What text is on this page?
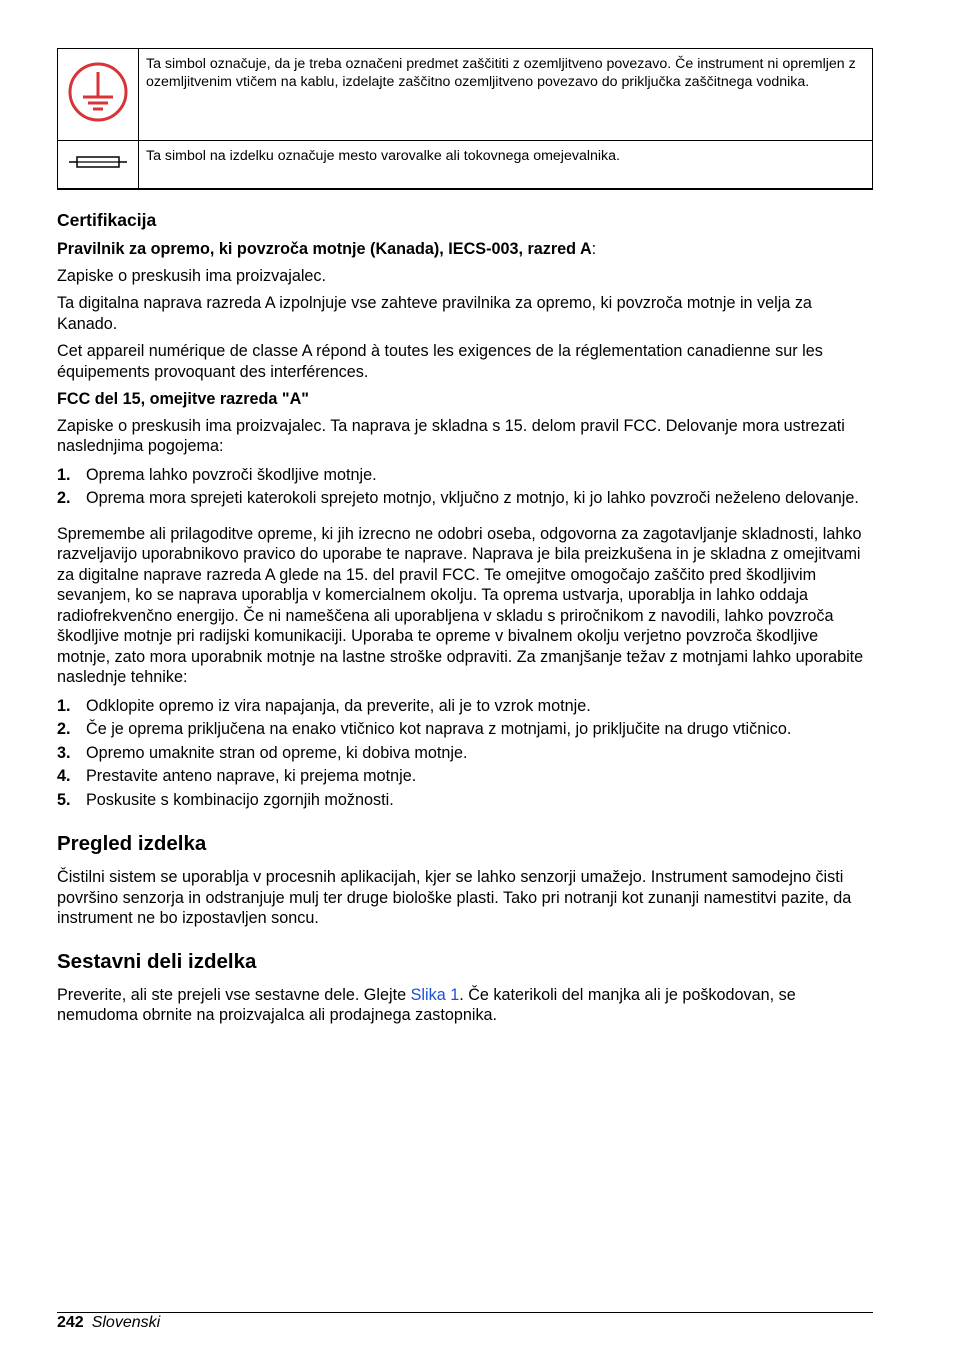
	Ta simbol označuje, da je treba označeni predmet zaščititi z ozemljitveno povezavo. Če instrument ni opremljen z ozemljitvenim vtičem na kablu, izdelajte zaščitno ozemljitveno povezavo do priključka zaščitnega vodnika.

	Ta simbol na izdelku označuje mesto varovalke ali tokovnega omejevalnika.
Certifikacija

Pravilnik za opremo, ki povzroča motnje (Kanada), IECS-003, razred A:

Zapiske o preskusih ima proizvajalec.

Ta digitalna naprava razreda A izpolnjuje vse zahteve pravilnika za opremo, ki povzroča motnje in velja za Kanado.

Cet appareil numérique de classe A répond à toutes les exigences de la réglementation canadienne sur les équipements provoquant des interférences.

FCC del 15, omejitve razreda "A"

Zapiske o preskusih ima proizvajalec. Ta naprava je skladna s 15. delom pravil FCC. Delovanje mora ustrezati naslednjima pogojema:

1. Oprema lahko povzroči škodljive motnje.
2. Oprema mora sprejeti katerokoli sprejeto motnjo, vključno z motnjo, ki jo lahko povzroči neželeno delovanje.

Spremembe ali prilagoditve opreme, ki jih izrecno ne odobri oseba, odgovorna za zagotavljanje skladnosti, lahko razveljavijo uporabnikovo pravico do uporabe te naprave. Naprava je bila preizkušena in je skladna z omejitvami za digitalne naprave razreda A glede na 15. del pravil FCC. Te omejitve omogočajo zaščito pred škodljivim sevanjem, ko se naprava uporablja v komercialnem okolju. Ta oprema ustvarja, uporablja in lahko oddaja radiofrekvenčno energijo. Če ni nameščena ali uporabljena v skladu s priročnikom z navodili, lahko povzroča škodljive motnje pri radijski komunikaciji. Uporaba te opreme v bivalnem okolju verjetno povzroča škodljive motnje, zato mora uporabnik motnje na lastne stroške odpraviti. Za zmanjšanje težav z motnjami lahko uporabite naslednje tehnike:

1. Odklopite opremo iz vira napajanja, da preverite, ali je to vzrok motnje.
2. Če je oprema priključena na enako vtičnico kot naprava z motnjami, jo priključite na drugo vtičnico.
3. Opremo umaknite stran od opreme, ki dobiva motnje.
4. Prestavite anteno naprave, ki prejema motnje.
5. Poskusite s kombinacijo zgornjih možnosti.
Pregled izdelka

Čistilni sistem se uporablja v procesnih aplikacijah, kjer se lahko senzorji umažejo. Instrument samodejno čisti površino senzorja in odstranjuje mulj ter druge biološke plasti. Tako pri notranji kot zunanji namestitvi pazite, da instrument ne bo izpostavljen soncu.

Sestavni deli izdelka

Preverite, ali ste prejeli vse sestavne dele. Glejte Slika 1. Če katerikoli del manjka ali je poškodovan, se nemudoma obrnite na proizvajalca ali prodajnega zastopnika.

242 Slovenski
